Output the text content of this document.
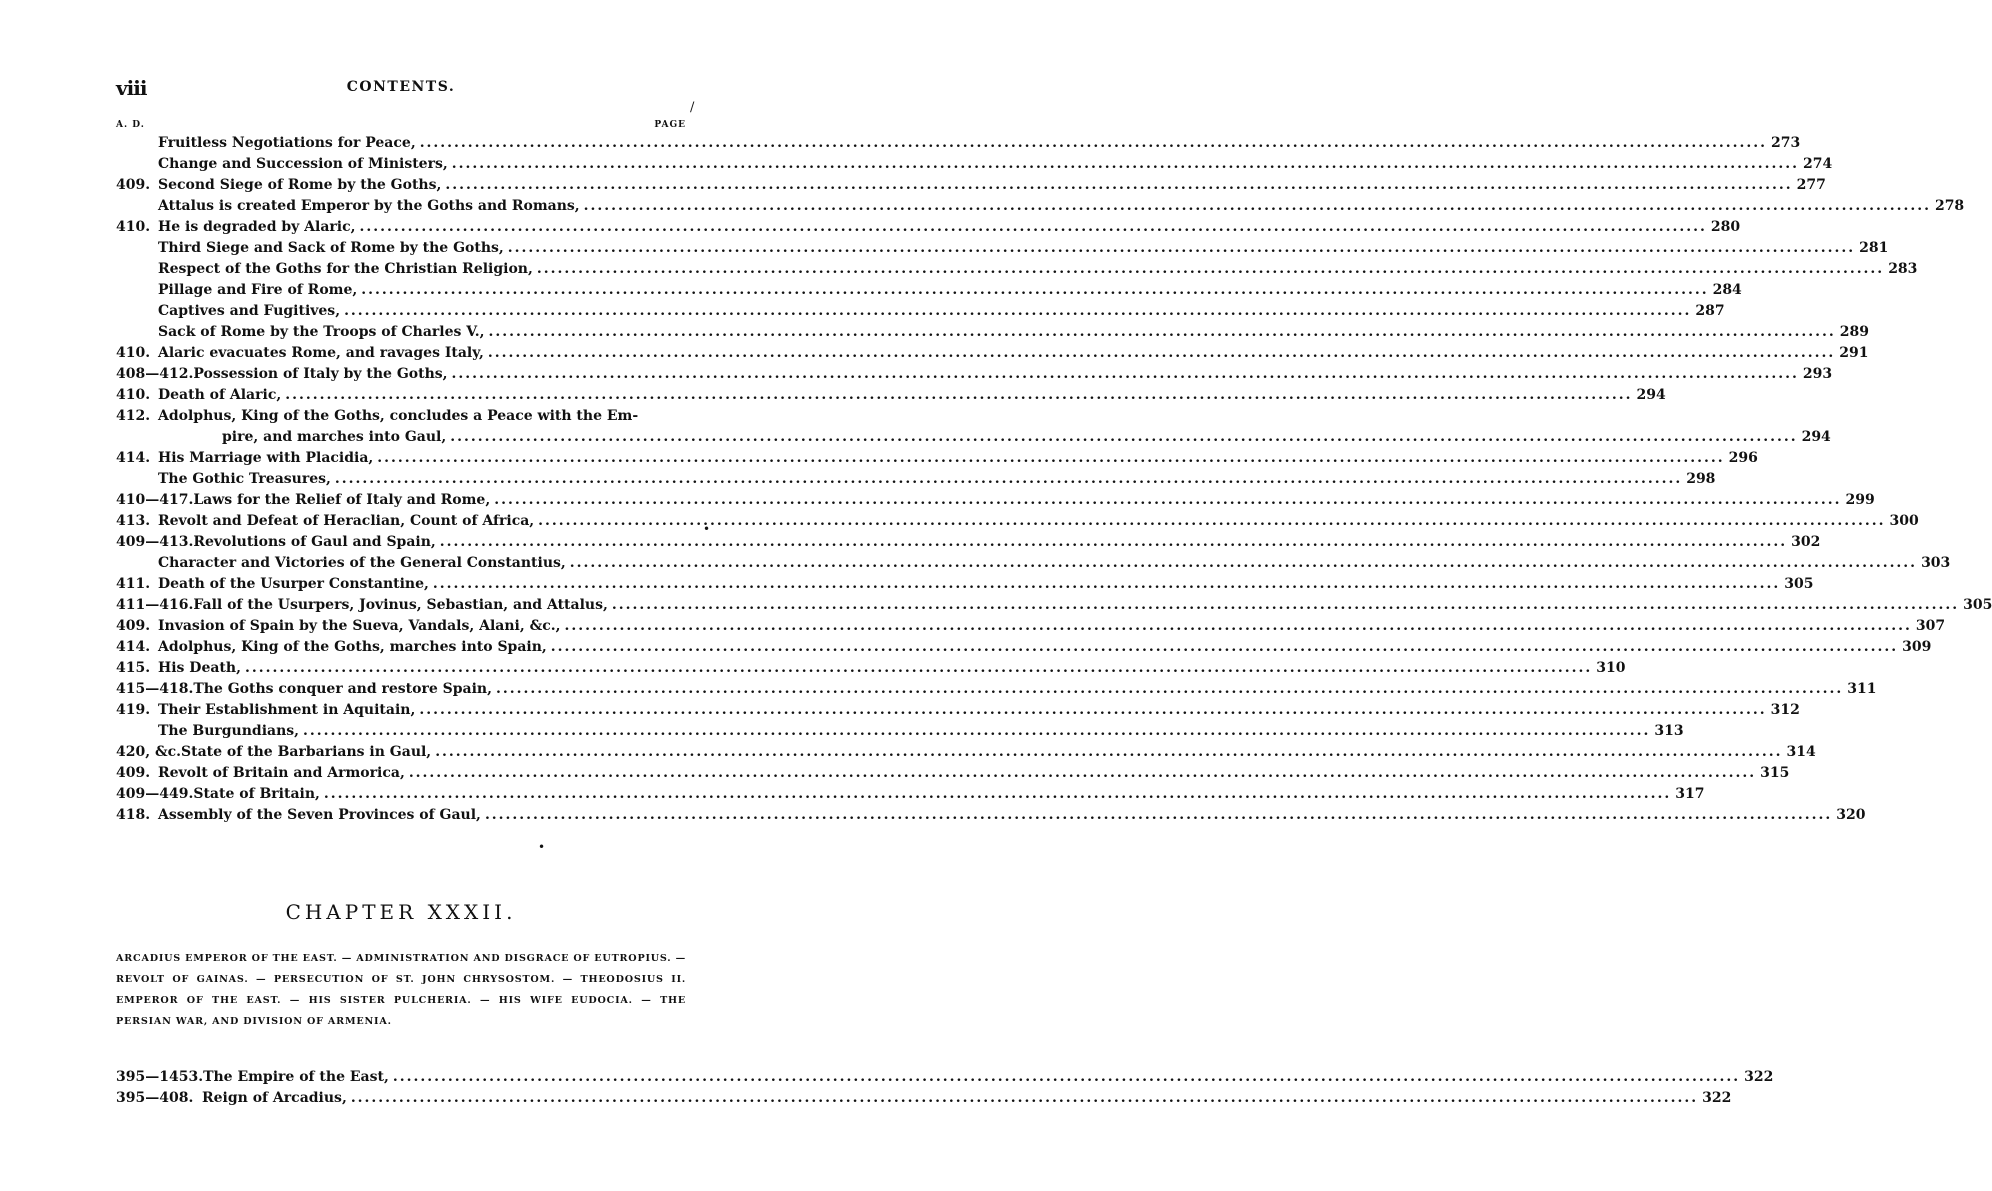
viii	CONTENTS.
/
A. D.	PAGE
Fruitless Negotiations for Peace, .....	273
Change and Succession of Ministers, .....	274
409. Second Siege of Rome by the Goths, .....	277
Attalus is created Emperor by the Goths and Romans, .....	278
410. He is degraded by Alaric, .....	280
Third Siege and Sack of Rome by the Goths, .....	281
Respect of the Goths for the Christian Religion, .....	283
Pillage and Fire of Rome, .....	284
Captives and Fugitives, .....	287
Sack of Rome by the Troops of Charles V., .....	289
410. Alaric evacuates Rome, and ravages Italy, .....	291
408—412. Possession of Italy by the Goths, .....	293
410. Death of Alaric, .....	294
412. Adolphus, King of the Goths, concludes a Peace with the Em-
pire, and marches into Gaul, .....	294
414. His Marriage with Placidia, .....	296
The Gothic Treasures, .....	298
410—417. Laws for the Relief of Italy and Rome, .....	299
413. Revolt and Defeat of Heraclian, Count of Africa, .....	300
409—413. Revolutions of Gaul and Spain, .....	302
Character and Victories of the General Constantius, .....	303
411. Death of the Usurper Constantine, .....	305
411—416. Fall of the Usurpers, Jovinus, Sebastian, and Attalus, .....	305
409. Invasion of Spain by the Sueva, Vandals, Alani, &c., .....	307
414. Adolphus, King of the Goths, marches into Spain, .....	309
415. His Death, .....	310
415—418. The Goths conquer and restore Spain, .....	311
419. Their Establishment in Aquitain, .....	312
The Burgundians, .....	313
420, &c. State of the Barbarians in Gaul, .....	314
409. Revolt of Britain and Armorica, .....	315
409—449. State of Britain, .....	317
418. Assembly of the Seven Provinces of Gaul, .....	320
•
•
CHAPTER XXXII.
ARCADIUS EMPEROR OF THE EAST. — ADMINISTRATION AND DISGRACE OF EUTROPIUS. — REVOLT OF GAINAS. — PERSECUTION OF ST. JOHN CHRYSOSTOM. — THEODOSIUS II. EMPEROR OF THE EAST. — HIS SISTER PULCHERIA. — HIS WIFE EUDOCIA. — THE PERSIAN WAR, AND DIVISION OF ARMENIA.
395—1453. The Empire of the East, .....	322
395—408. Reign of Arcadius, .....	322
